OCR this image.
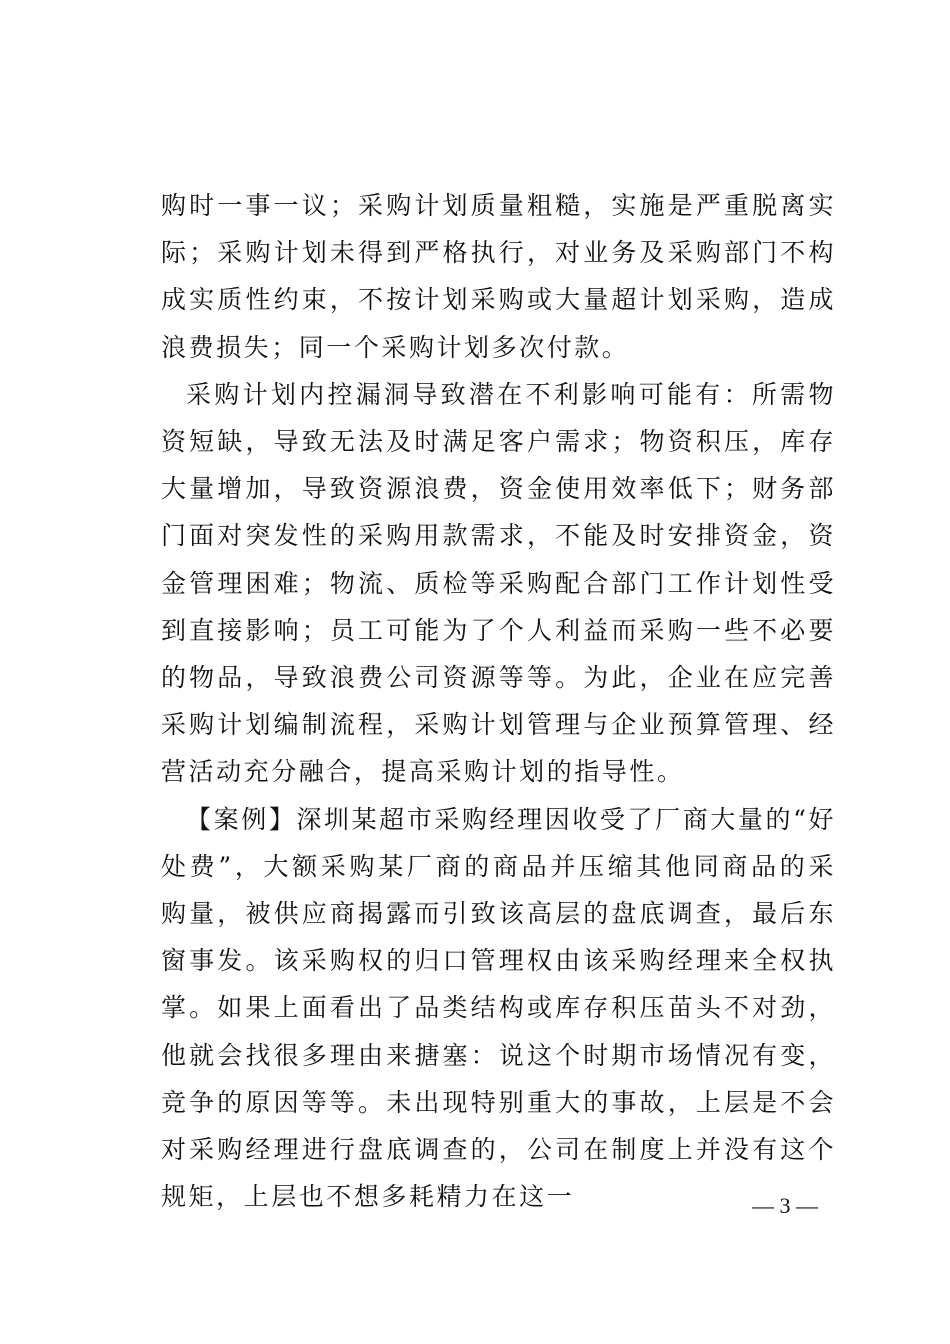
购时一事一议；采购计划质量粗糙，实施是严重脱离实际；采购计划未得到严格执行，对业务及采购部门不构成实质性约束，不按计划采购或大量超计划采购，造成浪费损失；同一个采购计划多次付款。

采购计划内控漏洞导致潜在不利影响可能有：所需物资短缺，导致无法及时满足客户需求；物资积压，库存大量增加，导致资源浪费，资金使用效率低下；财务部门面对突发性的采购用款需求，不能及时安排资金，资金管理困难；物流、质检等采购配合部门工作计划性受到直接影响；员工可能为了个人利益而采购一些不必要的物品，导致浪费公司资源等等。为此，企业在应完善采购计划编制流程，采购计划管理与企业预算管理、经营活动充分融合，提高采购计划的指导性。

【案例】深圳某超市采购经理因收受了厂商大量的“好处费”，大额采购某厂商的商品并压缩其他同商品的采购量，被供应商揭露而引致该高层的盘底调查，最后东窗事发。该采购权的归口管理权由该采购经理来全权执掌。如果上面看出了品类结构或库存积压苗头不对劲，他就会找很多理由来搪塞：说这个时期市场情况有变，竞争的原因等等。未出现特别重大的事故，上层是不会对采购经理进行盘底调查的，公司在制度上并没有这个规矩，上层也不想多耗精力在这一	— 3 —
